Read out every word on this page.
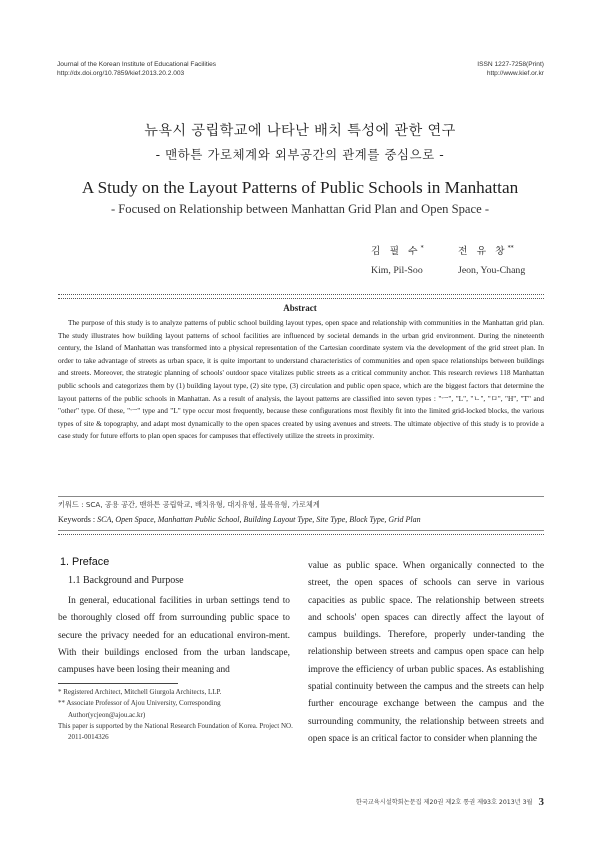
Journal of the Korean Institute of Educational Facilities
http://dx.doi.org/10.7859/kief.2013.20.2.003
ISSN 1227-7258(Print)
http://www.kief.or.kr
뉴욕시 공립학교에 나타난 배치 특성에 관한 연구
- 맨하튼 가로체계와 외부공간의 관계를 중심으로 -
A Study on the Layout Patterns of Public Schools in Manhattan
- Focused on Relationship between Manhattan Grid Plan and Open Space -
김 필 수*
Kim, Pil-Soo
전 유 창**
Jeon, You-Chang
Abstract

The purpose of this study is to analyze patterns of public school building layout types, open space and relationship with communities in the Manhattan grid plan. The study illustrates how building layout patterns of school facilities are influenced by societal demands in the urban grid environment. During the nineteenth century, the Island of Manhattan was transformed into a physical representation of the Cartesian coordinate system via the development of the grid street plan. In order to take advantage of streets as urban space, it is quite important to understand characteristics of communities and open space relationships between buildings and streets. Moreover, the strategic planning of schools' outdoor space vitalizes public streets as a critical community anchor. This research reviews 118 Manhattan public schools and categorizes them by (1) building layout type, (2) site type, (3) circulation and public open space, which are the biggest factors that determine the layout patterns of the public schools in Manhattan. As a result of analysis, the layout patterns are classified into seven types : "ㅡ", "L", "ㄴ", "ㅁ", "H", "T" and "other" type. Of these, "ㅡ" type and "L" type occur most frequently, because these configurations most flexibly fit into the limited grid-locked blocks, the various types of site & topography, and adapt most dynamically to the open spaces created by using avenues and streets. The ultimate objective of this study is to provide a case study for future efforts to plan open spaces for campuses that effectively utilize the streets in proximity.

키워드 : SCA, 공용 공간, 맨하튼 공립학교, 배치유형, 대지유형, 블록유형, 가로체계
Keywords : SCA, Open Space, Manhattan Public School, Building Layout Type, Site Type, Block Type, Grid Plan
1. Preface
1.1 Background and Purpose

In general, educational facilities in urban settings tend to be thoroughly closed off from surrounding public space to secure the privacy needed for an educational environ-ment. With their buildings enclosed from the urban landscape, campuses have been losing their meaning and

value as public space. When organically connected to the street, the open spaces of schools can serve in various capacities as public space. The relationship between streets and schools' open spaces can directly affect the layout of campus buildings. Therefore, properly under-tanding the relationship between streets and campus open space can help improve the efficiency of urban public spaces. As establishing spatial continuity between the campus and the streets can help further encourage exchange between the campus and the surrounding community, the relationship between streets and open space is an critical factor to consider when planning the

* Registered Architect, Mitchell Giurgola Architects, LLP.

** Associate Professor of Ajou University, Corresponding Author(ycjeon@ajou.ac.kr)

This paper is supported by the National Research Foundation of Korea. Project NO. 2011-0014326

한국교육시설학회논문집 제20권 제2호 통권 제93호 2013년 3월 3
